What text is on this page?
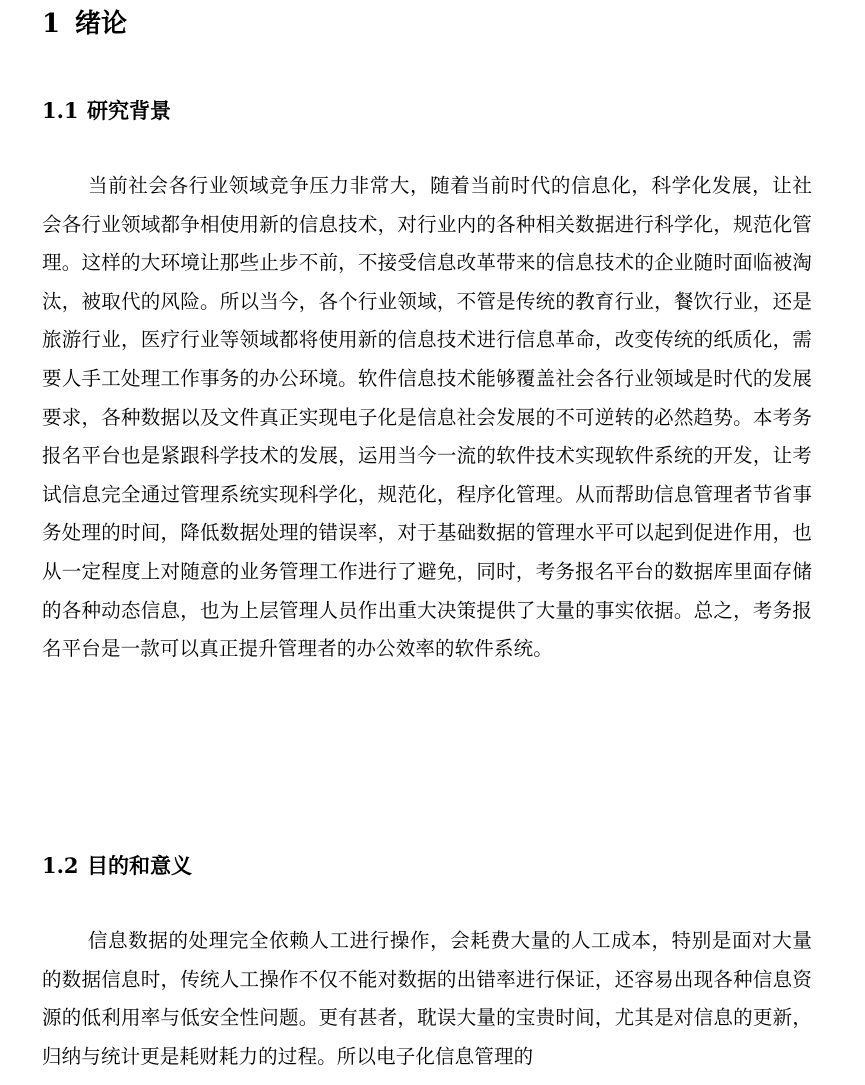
1 绪论
1.1 研究背景

当前社会各行业领域竞争压力非常大，随着当前时代的信息化，科学化发展，让社会各行业领域都争相使用新的信息技术，对行业内的各种相关数据进行科学化，规范化管理。这样的大环境让那些止步不前，不接受信息改革带来的信息技术的企业随时面临被淘汰，被取代的风险。所以当今，各个行业领域，不管是传统的教育行业，餐饮行业，还是旅游行业，医疗行业等领域都将使用新的信息技术进行信息革命，改变传统的纸质化，需要人手工处理工作事务的办公环境。软件信息技术能够覆盖社会各行业领域是时代的发展要求，各种数据以及文件真正实现电子化是信息社会发展的不可逆转的必然趋势。本考务报名平台也是紧跟科学技术的发展，运用当今一流的软件技术实现软件系统的开发，让考试信息完全通过管理系统实现科学化，规范化，程序化管理。从而帮助信息管理者节省事务处理的时间，降低数据处理的错误率，对于基础数据的管理水平可以起到促进作用，也从一定程度上对随意的业务管理工作进行了避免，同时，考务报名平台的数据库里面存储的各种动态信息，也为上层管理人员作出重大决策提供了大量的事实依据。总之，考务报名平台是一款可以真正提升管理者的办公效率的软件系统。

1.2 目的和意义

信息数据的处理完全依赖人工进行操作，会耗费大量的人工成本，特别是面对大量的数据信息时，传统人工操作不仅不能对数据的出错率进行保证，还容易出现各种信息资源的低利用率与低安全性问题。更有甚者，耽误大量的宝贵时间，尤其是对信息的更新，归纳与统计更是耗财耗力的过程。所以电子化信息管理的
